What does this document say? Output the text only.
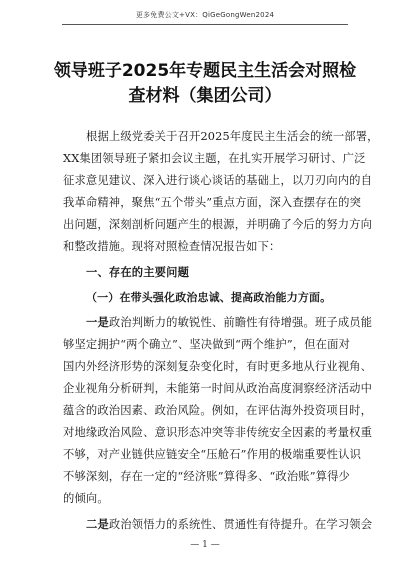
更多免费公文+VX：QiGeGongWen2024
领导班子2025年专题民主生活会对照检
查材料（集团公司）
根据上级党委关于召开2025年度民主生活会的统一部署，
XX集团领导班子紧扣会议主题，在扎实开展学习研讨、广泛
征求意见建议、深入进行谈心谈话的基础上，以刀刃向内的自
我革命精神，聚焦“五个带头”重点方面，深入查摆存在的突
出问题，深刻剖析问题产生的根源，并明确了今后的努力方向
和整改措施。现将对照检查情况报告如下：
一、存在的主要问题
（一）在带头强化政治忠诚、提高政治能力方面。
一是政治判断力的敏锐性、前瞻性有待增强。班子成员能
够坚定拥护“两个确立”、坚决做到“两个维护”，但在面对
国内外经济形势的深刻复杂变化时，有时更多地从行业视角、
企业视角分析研判，未能第一时间从政治高度洞察经济活动中
蕴含的政治因素、政治风险。例如，在评估海外投资项目时，
对地缘政治风险、意识形态冲突等非传统安全因素的考量权重
不够，对产业链供应链安全“压舱石”作用的极端重要性认识
不够深刻，存在一定的“经济账”算得多、“政治账”算得少
的倾向。
二是政治领悟力的系统性、贯通性有待提升。在学习领会
— 1 —
